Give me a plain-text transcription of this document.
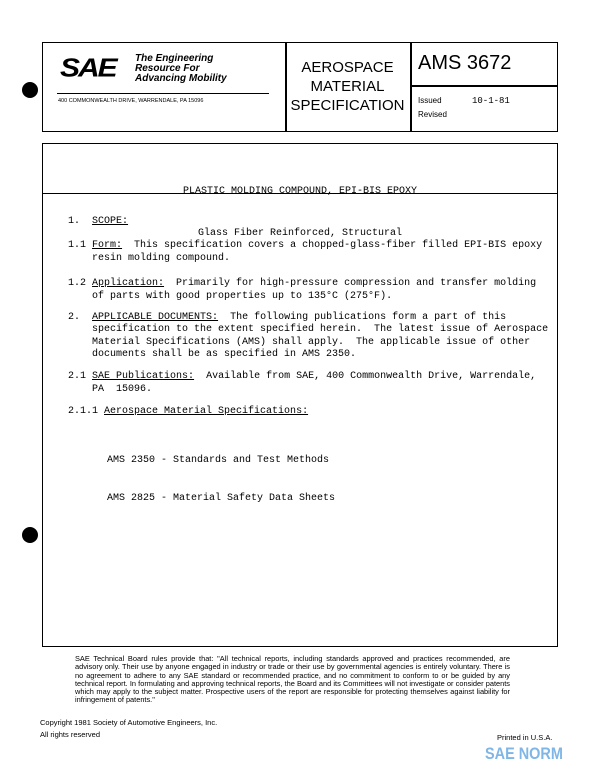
SAE The Engineering
Resource For
Advancing Mobility
400 COMMONWEALTH DRIVE, WARRENDALE, PA 15096
AEROSPACE
MATERIAL
SPECIFICATION
AMS 3672
Issued	10-1-81
Revised

PLASTIC MOLDING COMPOUND, EPI-BIS EPOXY

Glass Fiber Reinforced, Structural

1. SCOPE:
1.1 Form:  This specification covers a chopped-glass-fiber filled EPI-BIS epoxy
resin molding compound.
1.2 Application:  Primarily for high-pressure compression and transfer molding
of parts with good properties up to 135°C (275°F).
2. APPLICABLE DOCUMENTS:  The following publications form a part of this
specification to the extent specified herein.  The latest issue of Aerospace
Material Specifications (AMS) shall apply.  The applicable issue of other
documents shall be as specified in AMS 2350.
2.1 SAE Publications:  Available from SAE, 400 Commonwealth Drive, Warrendale,
PA  15096.
2.1.1 Aerospace Material Specifications:

AMS 2350 - Standards and Test Methods

AMS 2825 - Material Safety Data Sheets

SAE Technical Board rules provide that: "All technical reports, including standards approved and practices recommended, are advisory only. Their use by anyone engaged in industry or trade or their use by governmental agencies is entirely voluntary. There is no agreement to adhere to any SAE standard or recommended practice, and no commitment to conform to or be guided by any technical report. In formulating and approving technical reports, the Board and its Committees will not investigate or consider patents which may apply to the subject matter. Prospective users of the report are responsible for protecting themselves against liability for infringement of patents."
Copyright 1981 Society of Automotive Engineers, Inc.
All rights reserved	Printed in U.S.A.
SAE NORM
